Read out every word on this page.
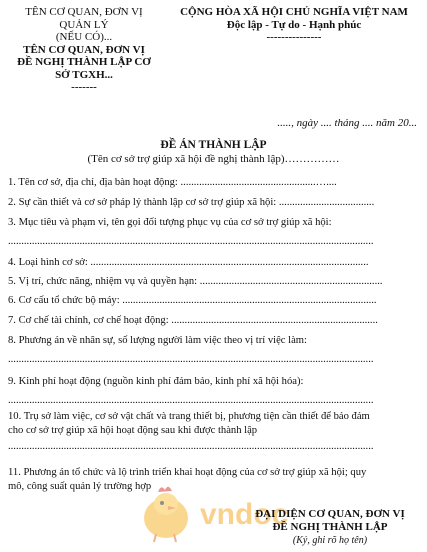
TÊN CƠ QUAN, ĐƠN VỊ
QUẢN LÝ
(NẾU CÓ)...
TÊN CƠ QUAN, ĐƠN VỊ
ĐỀ NGHỊ THÀNH LẬP CƠ
SỞ TGXH...
-------
CỘNG HÒA XÃ HỘI CHỦ NGHĨA VIỆT NAM
Độc lập - Tự do - Hạnh phúc
---------------
....., ngày .... tháng .... năm 20...
ĐỀ ÁN THÀNH LẬP
(Tên cơ sở trợ giúp xã hội đề nghị thành lập)……………
1. Tên cơ sở, địa chỉ, địa bàn hoạt động: ...................................................…....
2. Sự cần thiết và cơ sở pháp lý thành lập cơ sở trợ giúp xã hội: ....................................
3. Mục tiêu và phạm vi, tên gọi đối tượng phục vụ của cơ sở trợ giúp xã hội:
..........................................................................................................................................
4. Loại hình cơ sở: .........................................................................................................
5. Vị trí, chức năng, nhiệm vụ và quyền hạn: .....................................................................
6. Cơ cấu tổ chức bộ máy: ................................................................................................
7. Cơ chế tài chính, cơ chế hoạt động: ..............................................................................
8. Phương án về nhân sự, số lượng người làm việc theo vị trí việc làm:
..........................................................................................................................................
9. Kinh phí hoạt động (nguồn kinh phí đảm bảo, kinh phí xã hội hóa):
..........................................................................................................................................
10. Trụ sở làm việc, cơ sở vật chất và trang thiết bị, phương tiện cần thiết để bảo đảm
cho cơ sở trợ giúp xã hội hoạt động sau khi được thành lập
..........................................................................................................................................
11. Phương án tổ chức và lộ trình triển khai hoạt động của cơ sở trợ giúp xã hội; quy
mô, công suất quản lý trường hợp
vndoc
ĐẠI DIỆN CƠ QUAN, ĐƠN VỊ
ĐỀ NGHỊ THÀNH LẬP
(Ký, ghi rõ họ tên)
